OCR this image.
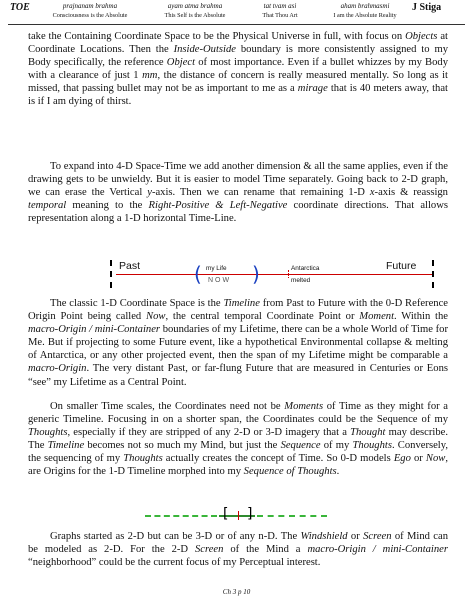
TOE	prajnanam brahma
Consciousness is the Absolute
ayam atma brahma
This Self is the Absolute
tat tvam asi
That Thou Art
aham brahmasmi
I am the Absolute Reality
J Stiga

take the Containing Coordinate Space to be the Physical Universe in full, with focus on Objects at Coordinate Locations. Then the Inside-Outside boundary is more consistently assigned to my Body specifically, the reference Object of most importance. Even if a bullet whizzes by my Body with a clearance of just 1 mm, the distance of concern is really measured mentally. So long as it missed, that passing bullet may not be as important to me as a mirage that is 40 meters away, that is if I am dying of thirst.

To expand into 4-D Space-Time we add another dimension & all the same applies, even if the drawing gets to be unwieldy. But it is easier to model Time separately. Going back to 2-D graph, we can erase the Vertical y-axis. Then we can rename that remaining 1-D x-axis & reassign temporal meaning to the Right-Positive & Left-Negative coordinate directions. That allows representation along a 1-D horizontal Time-Line.

Past	Future
(	)
my Life
NOW
Antarctica
melted

The classic 1-D Coordinate Space is the Timeline from Past to Future with the 0-D Reference Origin Point being called Now, the central temporal Coordinate Point or Moment. Within the macro-Origin / mini-Container boundaries of my Lifetime, there can be a whole World of Time for Me. But if projecting to some Future event, like a hypothetical Environmental collapse & melting of Antarctica, or any other projected event, then the span of my Lifetime might be comparable a macro-Origin. The very distant Past, or far-flung Future that are measured in Centuries or Eons “see” my Lifetime as a Central Point.

On smaller Time scales, the Coordinates need not be Moments of Time as they might for a generic Timeline. Focusing in on a shorter span, the Coordinates could be the Sequence of my Thoughts, especially if they are stripped of any 2-D or 3-D imagery that a Thought may describe. The Timeline becomes not so much my Mind, but just the Sequence of my Thoughts. Conversely, the sequencing of my Thoughts actually creates the concept of Time. So 0-D models Ego or Now, are Origins for the 1-D Timeline morphed into my Sequence of Thoughts.

[ ]

Graphs started as 2-D but can be 3-D or of any n-D. The Windshield or Screen of Mind can be modeled as 2-D. For the 2-D Screen of the Mind a macro-Origin / mini-Container “neighborhood” could be the current focus of my Perceptual interest.

Ch 3 p 10
